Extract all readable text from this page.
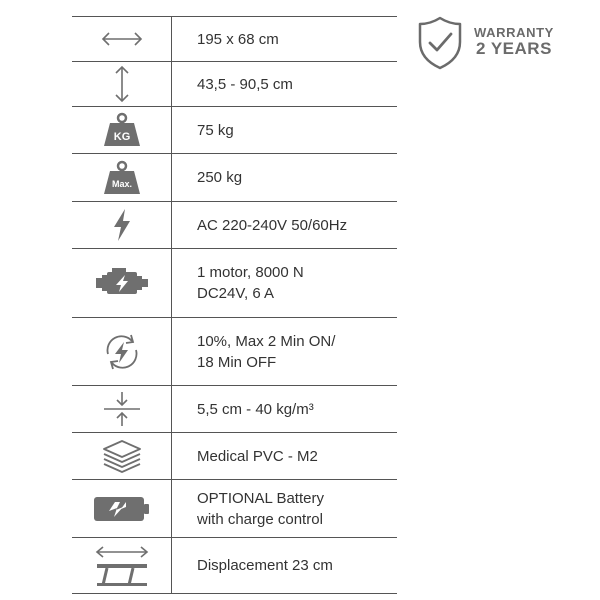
195 x 68 cm
43,5 - 90,5 cm
KG	75 kg
Max.	250 kg
AC 220-240V 50/60Hz
1 motor, 8000 N
DC24V, 6 A
10%, Max 2 Min ON/
18 Min OFF
5,5 cm - 40 kg/m³
Medical PVC - M2
OPTIONAL Battery
with charge control
Displacement 23 cm
WARRANTY
2 YEARS
